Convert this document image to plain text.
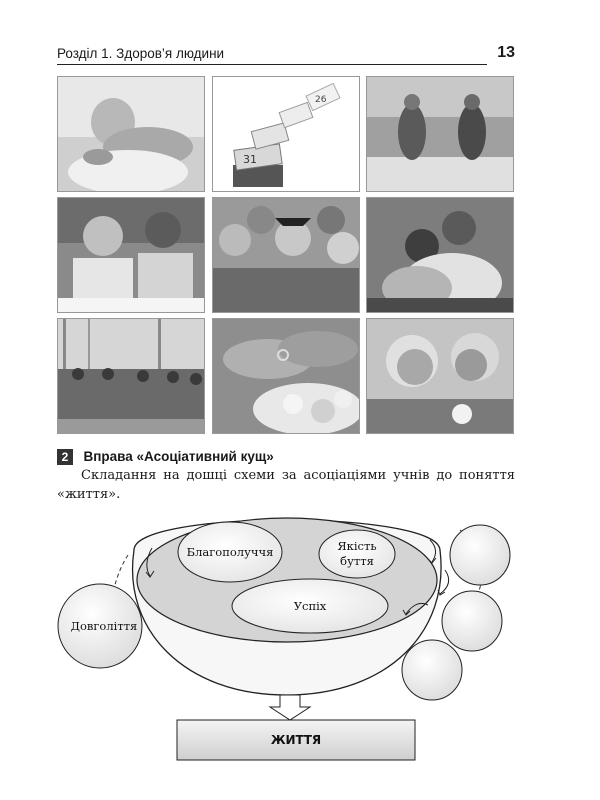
Розділ 1. Здоров’я людини	13
31
26
2 Вправа «Асоціативний кущ»
Складання на дошці схеми за асоціаціями учнів до поняття «життя».
Благополуччя	Якість
буття
Успіх
Довголіття
ЖИТТЯ
